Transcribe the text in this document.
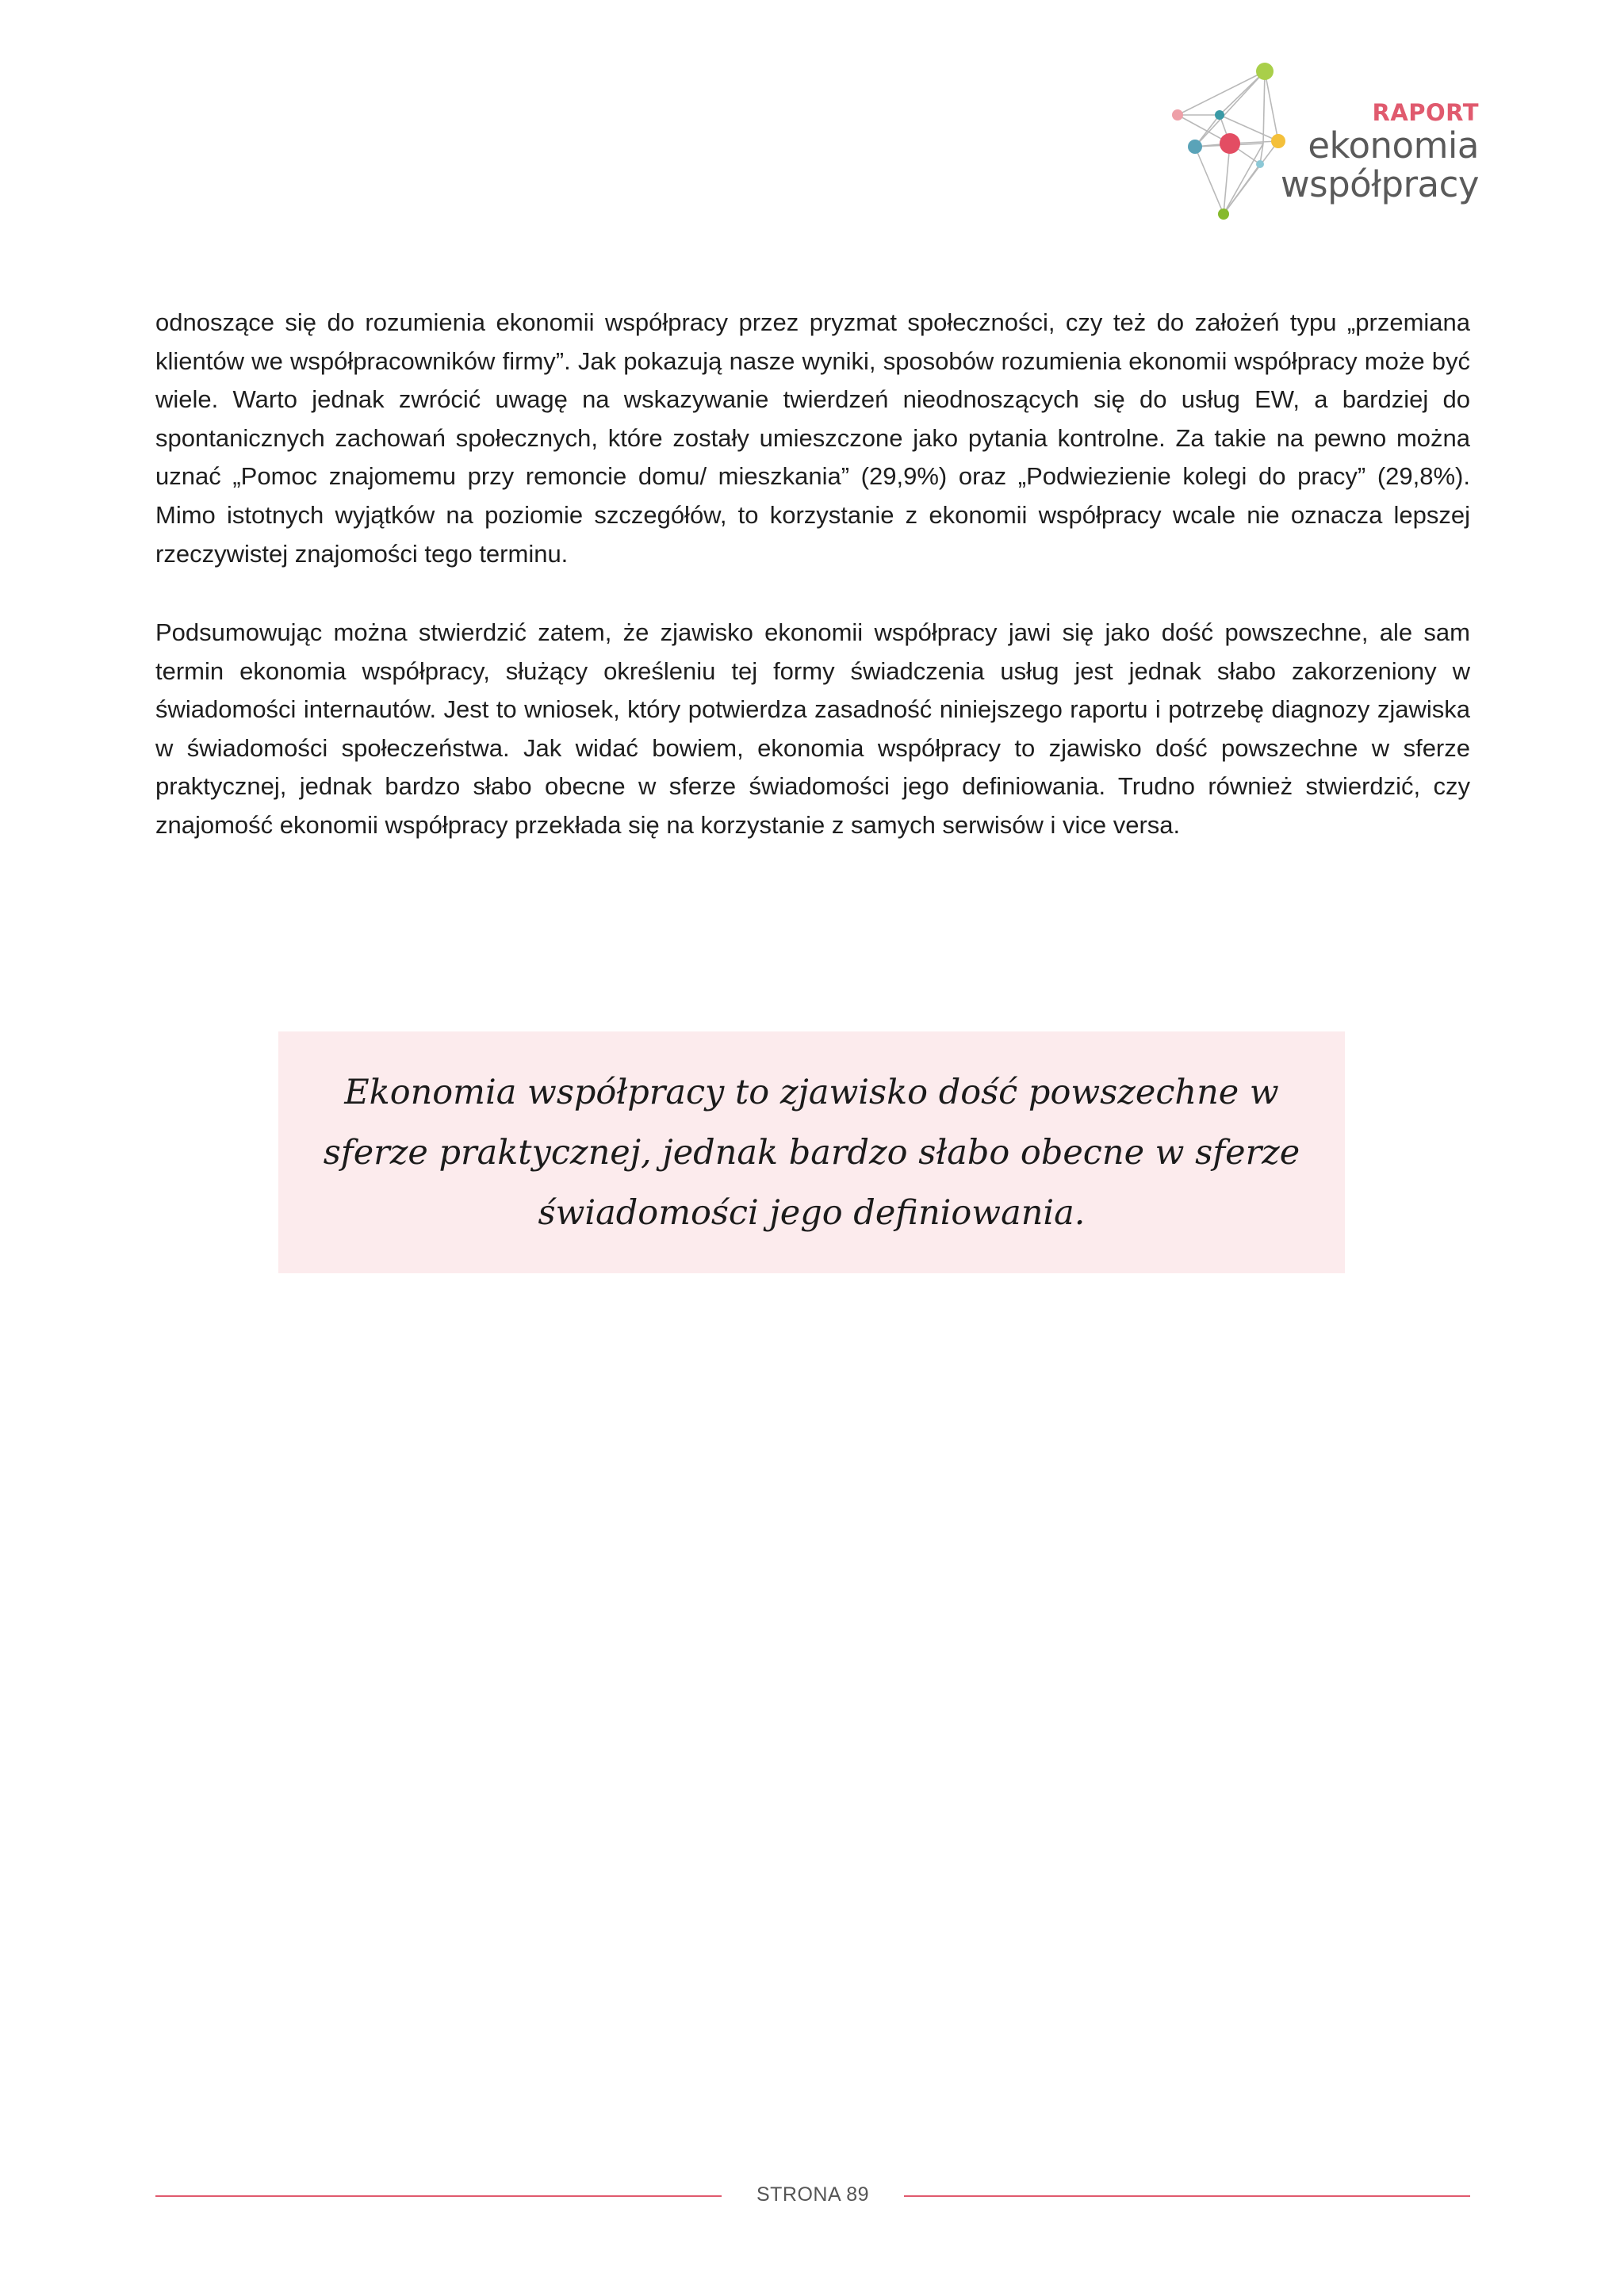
RAPORT
ekonomia
współpracy

odnoszące się do rozumienia ekonomii współpracy przez pryzmat społeczności, czy też do założeń typu „przemiana klientów we współpracowników firmy”. Jak pokazują nasze wyniki, sposobów rozumienia ekonomii współpracy może być wiele. Warto jednak zwrócić uwagę na wskazywanie twierdzeń nieodnoszących się do usług EW, a bardziej do spontanicznych zachowań społecznych, które zostały umieszczone jako pytania kontrolne. Za takie na pewno można uznać „Pomoc znajomemu przy remoncie domu/ mieszkania” (29,9%) oraz „Podwiezienie kolegi do pracy” (29,8%). Mimo istotnych wyjątków na poziomie szczegółów, to korzystanie z ekonomii współpracy wcale nie oznacza lepszej rzeczywistej znajomości tego terminu.

Podsumowując można stwierdzić zatem, że zjawisko ekonomii współpracy jawi się jako dość powszechne, ale sam termin ekonomia współpracy, służący określeniu tej formy świadczenia usług jest jednak słabo zakorzeniony w świadomości internautów. Jest to wniosek, który potwierdza zasadność niniejszego raportu i potrzebę diagnozy zjawiska w świadomości społeczeństwa. Jak widać bowiem, ekonomia współpracy to zjawisko dość powszechne w sferze praktycznej, jednak bardzo słabo obecne w sferze świadomości jego definiowania. Trudno również stwierdzić, czy znajomość ekonomii współpracy przekłada się na korzystanie z samych serwisów i vice versa.

Ekonomia współpracy to zjawisko dość powszechne w sferze praktycznej, jednak bardzo słabo obecne w sferze świadomości jego definiowania.

STRONA 89
